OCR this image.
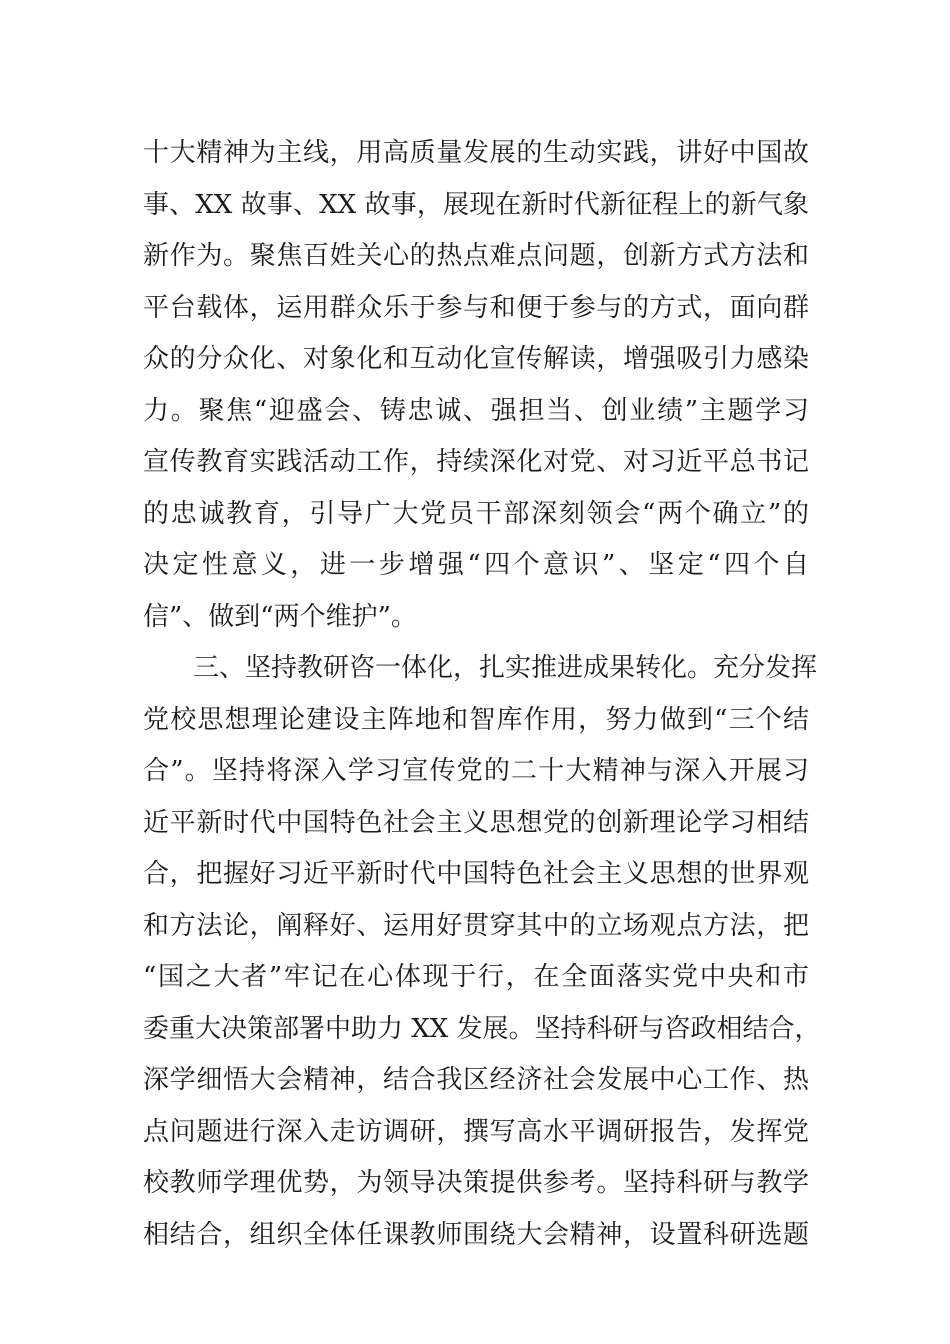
十大精神为主线，用高质量发展的生动实践，讲好中国故
事、XX 故事、XX 故事，展现在新时代新征程上的新气象
新作为。聚焦百姓关心的热点难点问题，创新方式方法和
平台载体，运用群众乐于参与和便于参与的方式，面向群
众的分众化、对象化和互动化宣传解读，增强吸引力感染
力。聚焦“迎盛会、铸忠诚、强担当、创业绩”主题学习
宣传教育实践活动工作，持续深化对党、对习近平总书记
的忠诚教育，引导广大党员干部深刻领会“两个确立”的
决定性意义，进一步增强“四个意识”、坚定“四个自
信”、做到“两个维护”。
三、坚持教研咨一体化，扎实推进成果转化。充分发挥
党校思想理论建设主阵地和智库作用，努力做到“三个结
合”。坚持将深入学习宣传党的二十大精神与深入开展习
近平新时代中国特色社会主义思想党的创新理论学习相结
合，把握好习近平新时代中国特色社会主义思想的世界观
和方法论，阐释好、运用好贯穿其中的立场观点方法，把
“国之大者”牢记在心体现于行，在全面落实党中央和市
委重大决策部署中助力 XX 发展。坚持科研与咨政相结合，
深学细悟大会精神，结合我区经济社会发展中心工作、热
点问题进行深入走访调研，撰写高水平调研报告，发挥党
校教师学理优势，为领导决策提供参考。坚持科研与教学
相结合，组织全体任课教师围绕大会精神，设置科研选题
